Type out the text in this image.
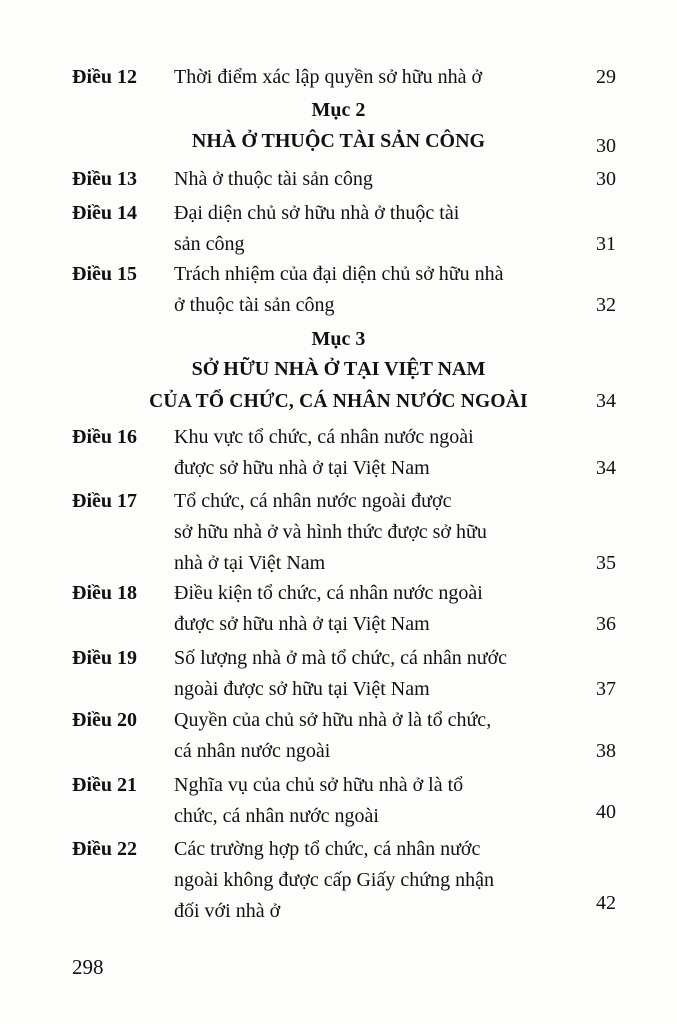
Điều 12 Thời điểm xác lập quyền sở hữu nhà ở	29
Mục 2
NHÀ Ở THUỘC TÀI SẢN CÔNG	30
Điều 13 Nhà ở thuộc tài sản công	30
Điều 14 Đại diện chủ sở hữu nhà ở thuộc tài
sản công	31
Điều 15 Trách nhiệm của đại diện chủ sở hữu nhà
ở thuộc tài sản công	32
Mục 3
SỞ HỮU NHÀ Ở TẠI VIỆT NAM
CỦA TỔ CHỨC, CÁ NHÂN NƯỚC NGOÀI	34
Điều 16 Khu vực tổ chức, cá nhân nước ngoài
được sở hữu nhà ở tại Việt Nam	34
Điều 17 Tổ chức, cá nhân nước ngoài được
sở hữu nhà ở và hình thức được sở hữu
nhà ở tại Việt Nam	35
Điều 18 Điều kiện tổ chức, cá nhân nước ngoài
được sở hữu nhà ở tại Việt Nam	36
Điều 19 Số lượng nhà ở mà tổ chức, cá nhân nước
ngoài được sở hữu tại Việt Nam	37
Điều 20 Quyền của chủ sở hữu nhà ở là tổ chức,
cá nhân nước ngoài	38
Điều 21 Nghĩa vụ của chủ sở hữu nhà ở là tổ
chức, cá nhân nước ngoài	40
Điều 22 Các trường hợp tổ chức, cá nhân nước
ngoài không được cấp Giấy chứng nhận
đối với nhà ở	42
298
